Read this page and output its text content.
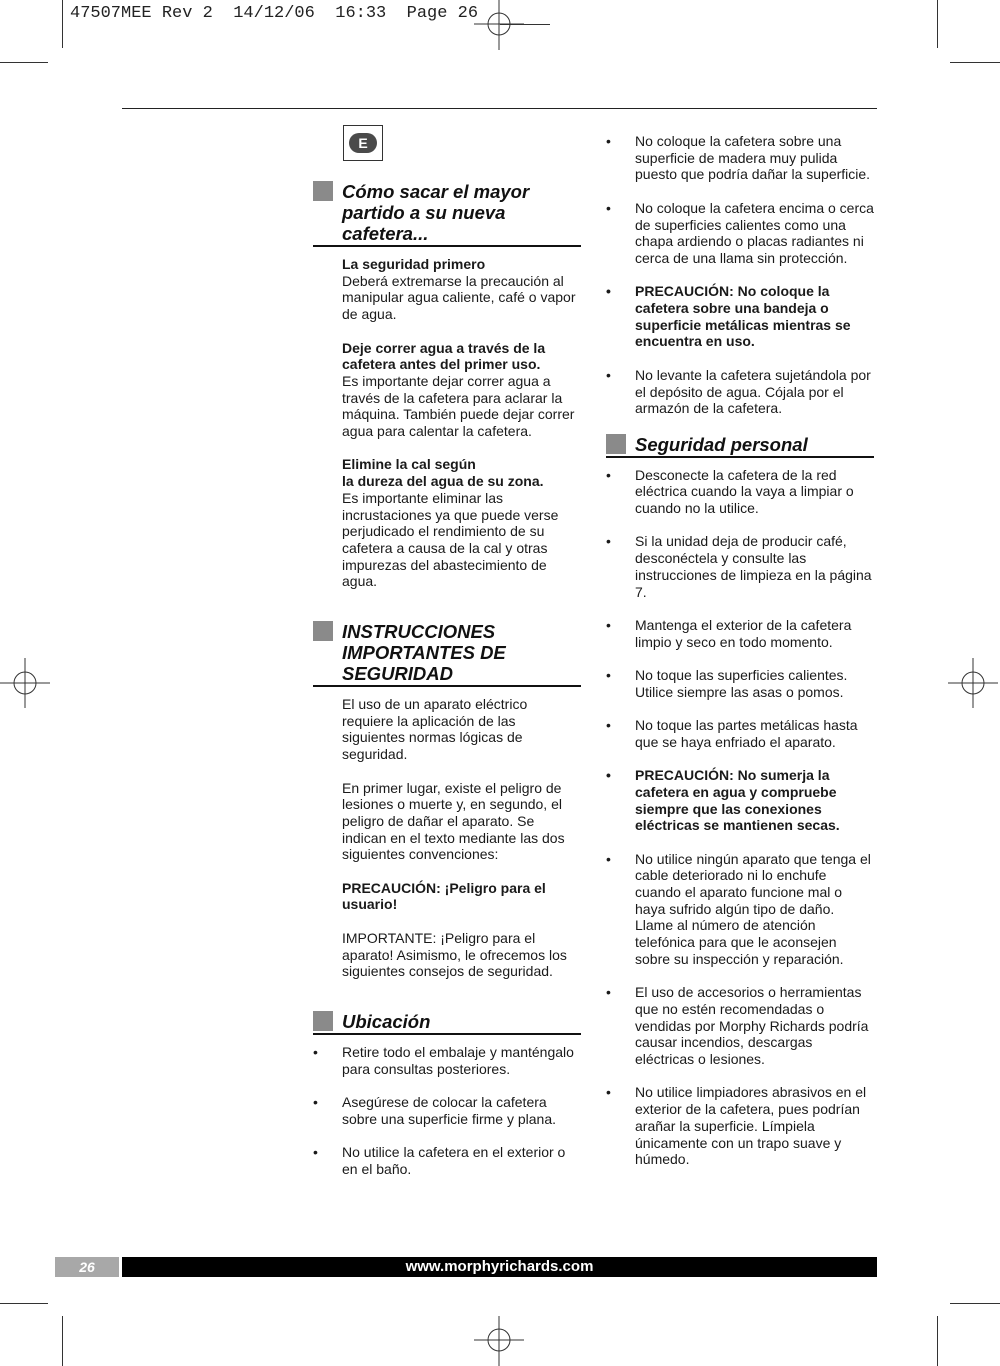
47507MEE Rev 2  14/12/06  16:33  Page 26
E
Cómo sacar el mayor partido a su nueva cafetera...

La seguridad primero

Deberá extremarse la precaución al manipular agua caliente, café o vapor de agua.

Deje correr agua a través de la cafetera antes del primer uso.

Es importante dejar correr agua a través de la cafetera para aclarar la máquina. También puede dejar correr agua para calentar la cafetera.

Elimine la cal según

la dureza del agua de su zona.

Es importante eliminar las incrustaciones ya que puede verse perjudicado el rendimiento de su cafetera a causa de la cal y otras impurezas del abastecimiento de agua.

INSTRUCCIONES IMPORTANTES DE SEGURIDAD

El uso de un aparato eléctrico requiere la aplicación de las siguientes normas lógicas de seguridad.

En primer lugar, existe el peligro de lesiones o muerte y, en segundo, el peligro de dañar el aparato. Se indican en el texto mediante las dos siguientes convenciones:

PRECAUCIÓN: ¡Peligro para el usuario!

IMPORTANTE: ¡Peligro para el aparato! Asimismo, le ofrecemos los siguientes consejos de seguridad.

Ubicación
• Retire todo el embalaje y manténgalo para consultas posteriores.
• Asegúrese de colocar la cafetera sobre una superficie firme y plana.
• No utilice la cafetera en el exterior o en el baño.
• No coloque la cafetera sobre una superficie de madera muy pulida puesto que podría dañar la superficie.
• No coloque la cafetera encima o cerca de superficies calientes como una chapa ardiendo o placas radiantes ni cerca de una llama sin protección.
• PRECAUCIÓN: No coloque la cafetera sobre una bandeja o superficie metálicas mientras se encuentra en uso.
• No levante la cafetera sujetándola por el depósito de agua. Cójala por el armazón de la cafetera.
Seguridad personal
• Desconecte la cafetera de la red eléctrica cuando la vaya a limpiar o cuando no la utilice.
• Si la unidad deja de producir café, desconéctela y consulte las instrucciones de limpieza en la página 7.
• Mantenga el exterior de la cafetera limpio y seco en todo momento.
• No toque las superficies calientes. Utilice siempre las asas o pomos.
• No toque las partes metálicas hasta que se haya enfriado el aparato.
• PRECAUCIÓN: No sumerja la cafetera en agua y compruebe siempre que las conexiones eléctricas se mantienen secas.
• No utilice ningún aparato que tenga el cable deteriorado ni lo enchufe cuando el aparato funcione mal o haya sufrido algún tipo de daño. Llame al número de atención telefónica para que le aconsejen sobre su inspección y reparación.
• El uso de accesorios o herramientas que no estén recomendadas o vendidas por Morphy Richards podría causar incendios, descargas eléctricas o lesiones.
• No utilice limpiadores abrasivos en el exterior de la cafetera, pues podrían arañar la superficie. Límpiela únicamente con un trapo suave y húmedo.
26	www.morphyrichards.com
